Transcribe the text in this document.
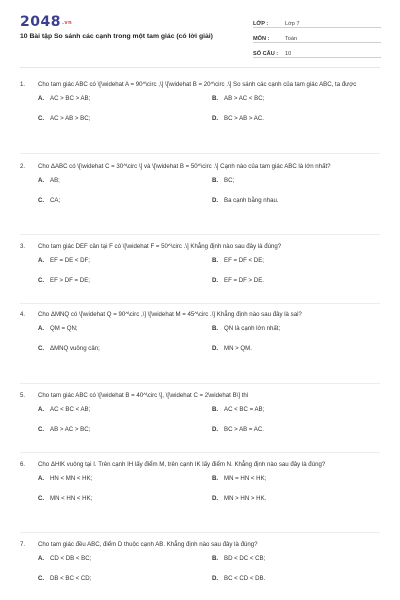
$2048^{.vn}$
10 Bài tập So sánh các cạnh trong một tam giác (có lời giải)
LỚP :	Lớp 7
MÔN :	Toán
SỐ CÂU :	10
1.	Cho tam giác ABC có \[\widehat A = 90^\circ ,\] \[\widehat B = 20^\circ .\] So sánh các cạnh của tam giác ABC, ta được
A. AC > BC > AB;	B. AB > AC < BC;
C. AC > AB > BC;	D. BC > AB > AC.
2.	Cho ΔABC có \[\widehat C = 30^\circ \] và \[\widehat B = 50^\circ .\] Cạnh nào của tam giác ABC là lớn nhất?
A. AB;	B. BC;
C. CA;	D. Ba cạnh bằng nhau.
3.	Cho tam giác DEF cân tại F có \[\widehat F = 50^\circ .\] Khẳng định nào sau đây là đúng?
A. EF = DE < DF;	B. EF = DF < DE;
C. EF > DF = DE;	D. EF = DF > DE.
4.	Cho ΔMNQ có \[\widehat Q = 90^\circ ,\] \[\widehat M = 45^\circ .\] Khẳng định nào sau đây là sai?
A. QM = QN;	B. QN là cạnh lớn nhất;
C. ΔMNQ vuông cân;	D. MN > QM.
5.	Cho tam giác ABC có \[\widehat B = 40^\circ \], \[\widehat C = 2\widehat B\] thì
A. AC < BC < AB;	B. AC < BC = AB;
C. AB > AC > BC;	D. BC > AB = AC.
6.	Cho ΔHIK vuông tại I. Trên cạnh IH lấy điểm M, trên cạnh IK lấy điểm N. Khẳng định nào sau đây là đúng?
A. HN < MN < HK;	B. MN = HN < HK;
C. MN < HN < HK;	D. MN > HN > HK.
7.	Cho tam giác đều ABC, điểm D thuộc cạnh AB. Khẳng định nào sau đây là đúng?
A. CD < DB < BC;	B. BD < DC < CB;
C. DB < BC < CD;	D. BC < CD < DB.
